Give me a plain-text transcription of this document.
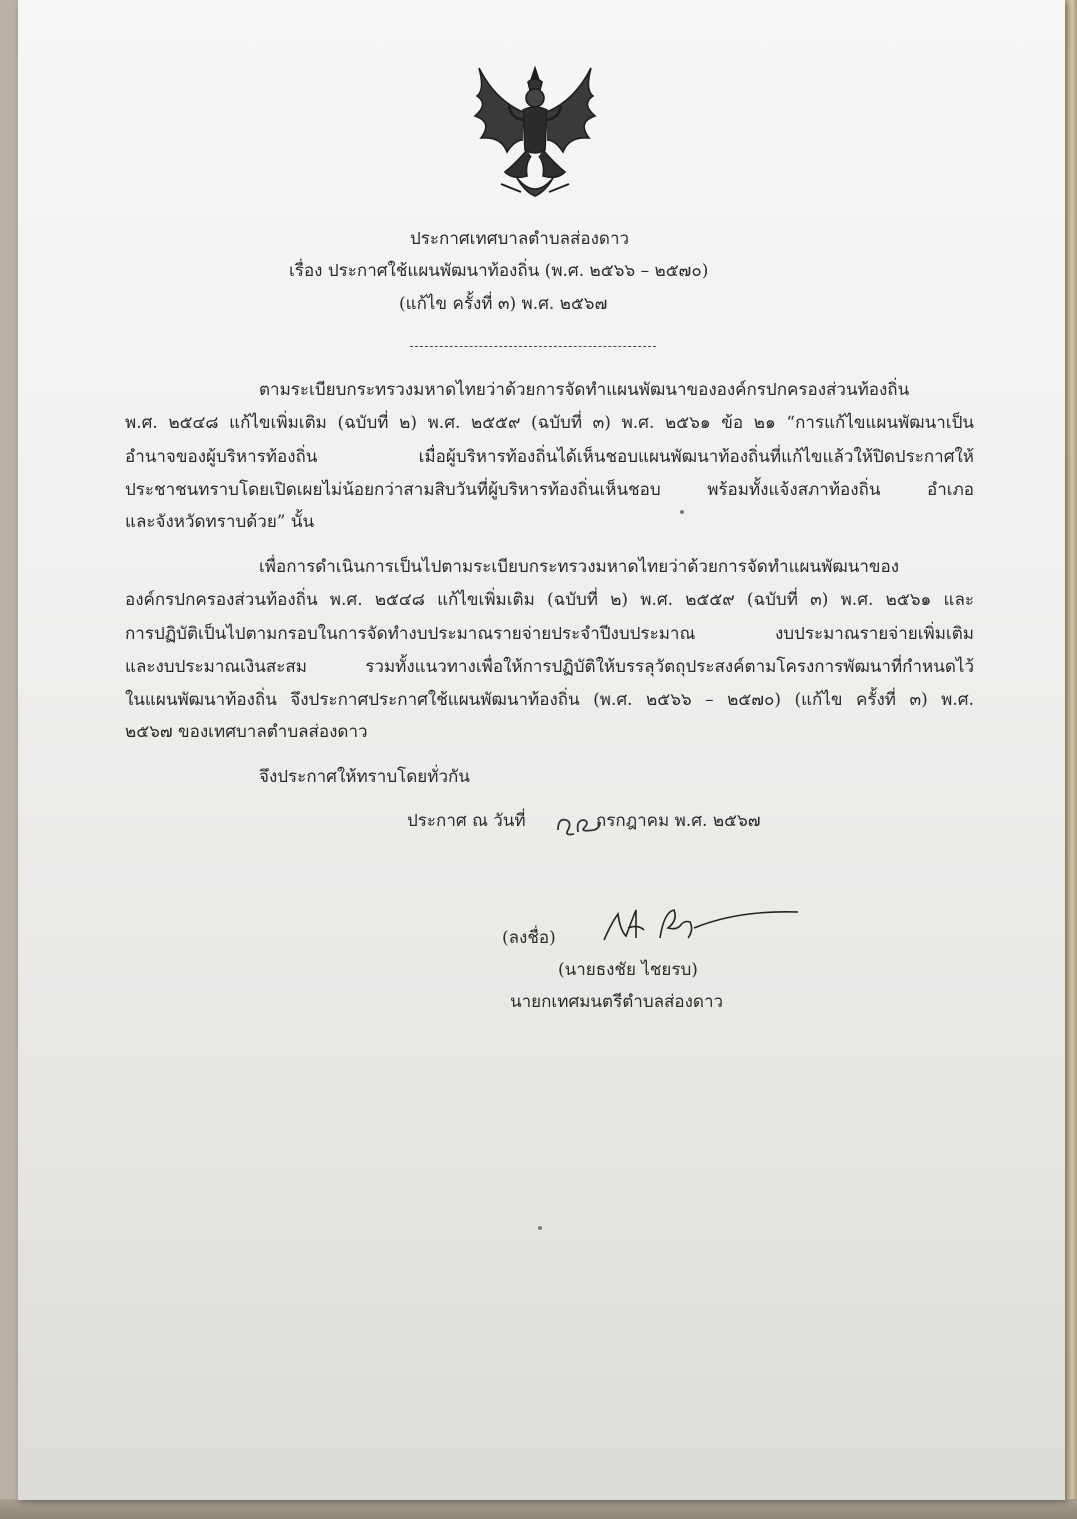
ประกาศเทศบาลตำบลส่องดาว
เรื่อง ประกาศใช้แผนพัฒนาท้องถิ่น (พ.ศ. ๒๕๖๖ – ๒๕๗๐)
(แก้ไข ครั้งที่ ๓) พ.ศ. ๒๕๖๗
ตามระเบียบกระทรวงมหาดไทยว่าด้วยการจัดทำแผนพัฒนาขององค์กรปกครองส่วนท้องถิ่น
พ.ศ. ๒๕๔๘ แก้ไขเพิ่มเติม (ฉบับที่ ๒) พ.ศ. ๒๕๕๙ (ฉบับที่ ๓) พ.ศ. ๒๕๖๑ ข้อ ๒๑ “การแก้ไขแผนพัฒนาเป็น
อำนาจของผู้บริหารท้องถิ่น เมื่อผู้บริหารท้องถิ่นได้เห็นชอบแผนพัฒนาท้องถิ่นที่แก้ไขแล้วให้ปิดประกาศให้
ประชาชนทราบโดยเปิดเผยไม่น้อยกว่าสามสิบวันที่ผู้บริหารท้องถิ่นเห็นชอบ พร้อมทั้งแจ้งสภาท้องถิ่น อำเภอ
และจังหวัดทราบด้วย” นั้น
เพื่อการดำเนินการเป็นไปตามระเบียบกระทรวงมหาดไทยว่าด้วยการจัดทำแผนพัฒนาของ
องค์กรปกครองส่วนท้องถิ่น พ.ศ. ๒๕๔๘ แก้ไขเพิ่มเติม (ฉบับที่ ๒) พ.ศ. ๒๕๕๙ (ฉบับที่ ๓) พ.ศ. ๒๕๖๑ และ
การปฏิบัติเป็นไปตามกรอบในการจัดทำงบประมาณรายจ่ายประจำปีงบประมาณ งบประมาณรายจ่ายเพิ่มเติม
และงบประมาณเงินสะสม รวมทั้งแนวทางเพื่อให้การปฏิบัติให้บรรลุวัตถุประสงค์ตามโครงการพัฒนาที่กำหนดไว้
ในแผนพัฒนาท้องถิ่น จึงประกาศประกาศใช้แผนพัฒนาท้องถิ่น (พ.ศ. ๒๕๖๖ – ๒๕๗๐) (แก้ไข ครั้งที่ ๓) พ.ศ.
๒๕๖๗ ของเทศบาลตำบลส่องดาว
จึงประกาศให้ทราบโดยทั่วกัน
ประกาศ ณ วันที่	กรกฎาคม พ.ศ. ๒๕๖๗
(ลงชื่อ)
(นายธงชัย ไชยรบ)
นายกเทศมนตรีตำบลส่องดาว
